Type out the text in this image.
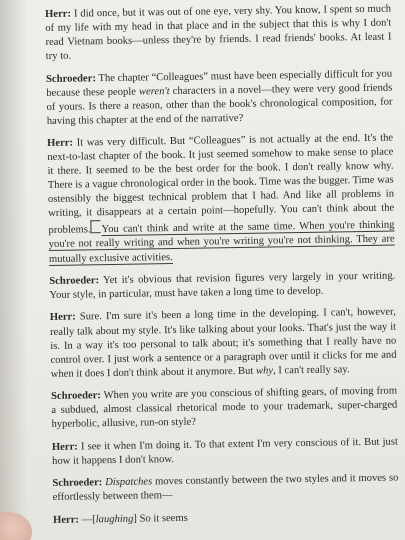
Herr: I did once, but it was out of one eye, very shy. You know, I spent so much of my life with my head in that place and in the subject that this is why I don't read Vietnam books—unless they're by friends. I read friends' books. At least I try to.

Schroeder: The chapter “Colleagues” must have been especially difficult for you because these people weren't characters in a novel—they were very good friends of yours. Is there a reason, other than the book's chronological composition, for having this chapter at the end of the narrative?

Herr: It was very difficult. But “Colleagues” is not actually at the end. It's the next-to-last chapter of the book. It just seemed somehow to make sense to place it there. It seemed to be the best order for the book. I don't really know why. There is a vague chronological order in the book. Time was the bugger. Time was ostensibly the biggest technical problem that I had. And like all problems in writing, it disappears at a certain point—hopefully. You can't think about the problems. You can't think and write at the same time. When you're thinking you're not really writing and when you're writing you're not thinking. They are mutually exclusive activities.

Schroeder: Yet it's obvious that revision figures very largely in your writing. Your style, in particular, must have taken a long time to develop.

Herr: Sure. I'm sure it's been a long time in the developing. I can't, however, really talk about my style. It's like talking about your looks. That's just the way it is. In a way it's too personal to talk about; it's something that I really have no control over. I just work a sentence or a paragraph over until it clicks for me and when it does I don't think about it anymore. But why, I can't really say.

Schroeder: When you write are you conscious of shifting gears, of moving from a subdued, almost classical rhetorical mode to your trademark, super-charged hyperbolic, allusive, run-on style?

Herr: I see it when I'm doing it. To that extent I'm very conscious of it. But just how it happens I don't know.

Schroeder: Dispatches moves constantly between the two styles and it moves so effortlessly between them—

Herr: —[laughing] So it seems
